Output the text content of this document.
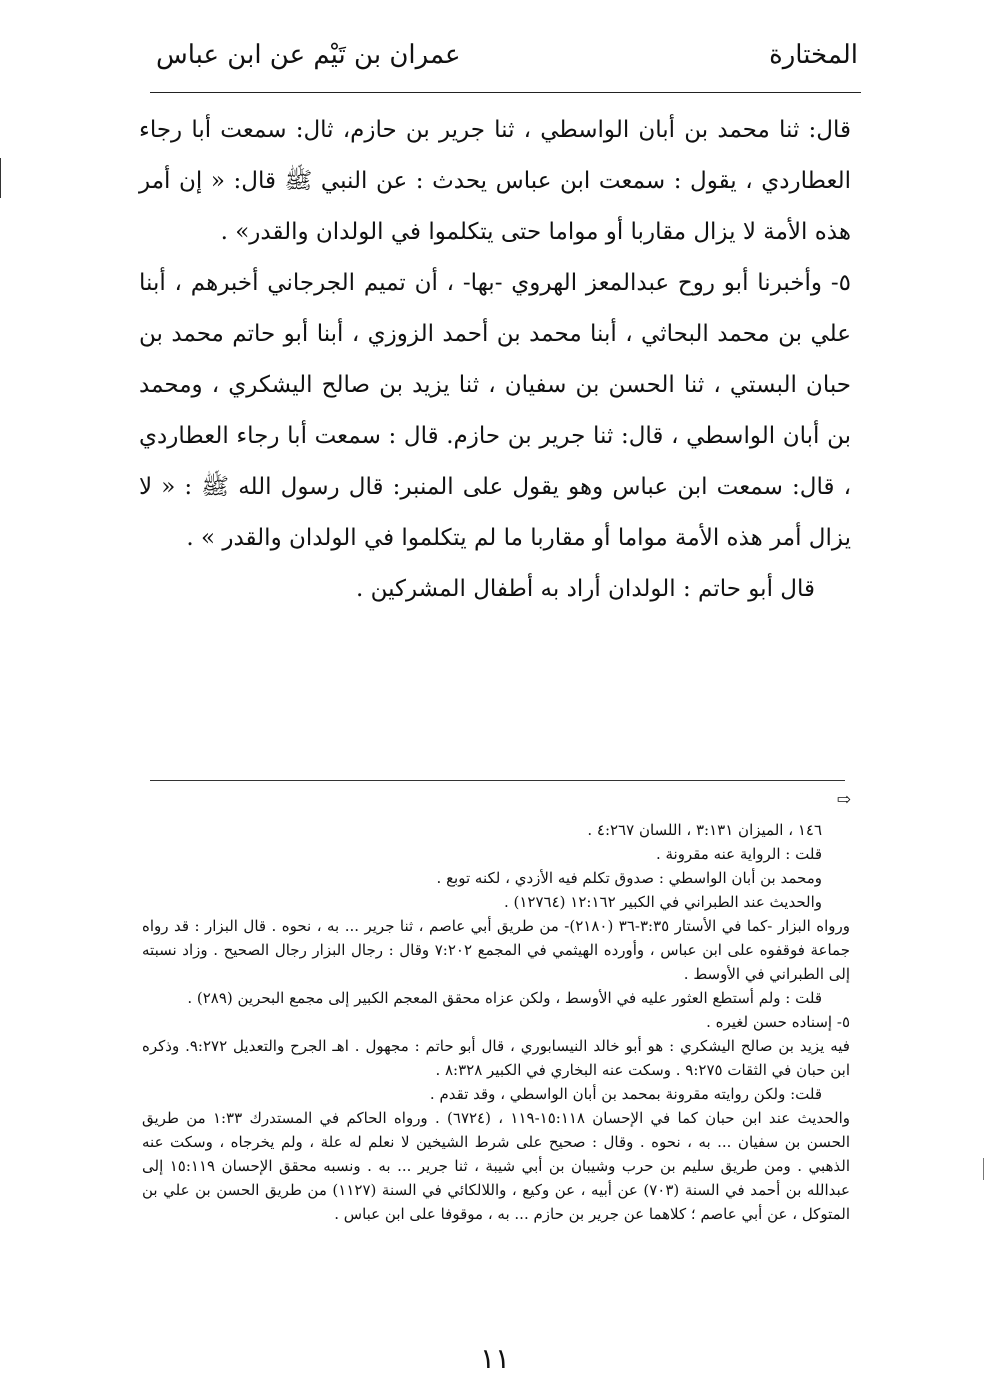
المختارة
عمران بن تَيْم عن ابن عباس

قال: ثنا محمد بن أبان الواسطي ، ثنا جرير بن حازم، ثال: سمعت أبا رجاء العطاردي ، يقول : سمعت ابن عباس يحدث : عن النبي ﷺ قال: « إن أمر هذه الأمة لا يزال مقاربا أو مواما حتى يتكلموا في الولدان والقدر» .

٥- وأخبرنا أبو روح عبدالمعز الهروي -بها- ، أن تميم الجرجاني أخبرهم ، أبنا علي بن محمد البحاثي ، أبنا محمد بن أحمد الزوزي ، أبنا أبو حاتم محمد بن حبان البستي ، ثنا الحسن بن سفيان ، ثنا يزيد بن صالح اليشكري ، ومحمد بن أبان الواسطي ، قال: ثنا جرير بن حازم. قال : سمعت أبا رجاء العطاردي ، قال: سمعت ابن عباس وهو يقول على المنبر: قال رسول الله ﷺ : « لا يزال أمر هذه الأمة مواما أو مقاربا ما لم يتكلموا في الولدان والقدر » .

قال أبو حاتم : الولدان أراد به أطفال المشركين .

⇨

١٤٦ ، الميزان ٣:١٣١ ، اللسان ٤:٢٦٧ .

قلت : الرواية عنه مقرونة .

ومحمد بن أبان الواسطي : صدوق تكلم فيه الأزدي ، لكنه توبع .

والحديث عند الطبراني في الكبير ١٢:١٦٢ (١٢٧٦٤) .

ورواه البزار -كما في الأستار ٣:٣٥-٣٦ (٢١٨٠)- من طريق أبي عاصم ، ثنا جرير ... به ، نحوه . قال البزار : قد رواه جماعة فوقفوه على ابن عباس ، وأورده الهيثمي في المجمع ٧:٢٠٢ وقال : رجال البزار رجال الصحيح . وزاد نسبته إلى الطبراني في الأوسط .

قلت : ولم أستطع العثور عليه في الأوسط ، ولكن عزاه محقق المعجم الكبير إلى مجمع البحرين (٢٨٩) .

٥- إسناده حسن لغيره .

فيه يزيد بن صالح اليشكري : هو أبو خالد النيسابوري ، قال أبو حاتم : مجهول . اهـ الجرح والتعديل ٩:٢٧٢. وذكره ابن حبان في الثقات ٩:٢٧٥ . وسكت عنه البخاري في الكبير ٨:٣٢٨ .

قلت: ولكن روايته مقرونة بمحمد بن أبان الواسطي ، وقد تقدم .

والحديث عند ابن حبان كما في الإحسان ١٥:١١٨-١١٩ ، (٦٧٢٤) . ورواه الحاكم في المستدرك ١:٣٣ من طريق الحسن بن سفيان ... به ، نحوه . وقال : صحيح على شرط الشيخين لا نعلم له علة ، ولم يخرجاه ، وسكت عنه الذهبي . ومن طريق سليم بن حرب وشيبان بن أبي شيبة ، ثنا جرير ... به . ونسبه محقق الإحسان ١٥:١١٩ إلى عبدالله بن أحمد في السنة (٧٠٣) عن أبيه ، عن وكيع ، واللالكائي في السنة (١١٢٧) من طريق الحسن بن علي بن المتوكل ، عن أبي عاصم ؛ كلاهما عن جرير بن حازم ... به ، موقوفا على ابن عباس .

١١
